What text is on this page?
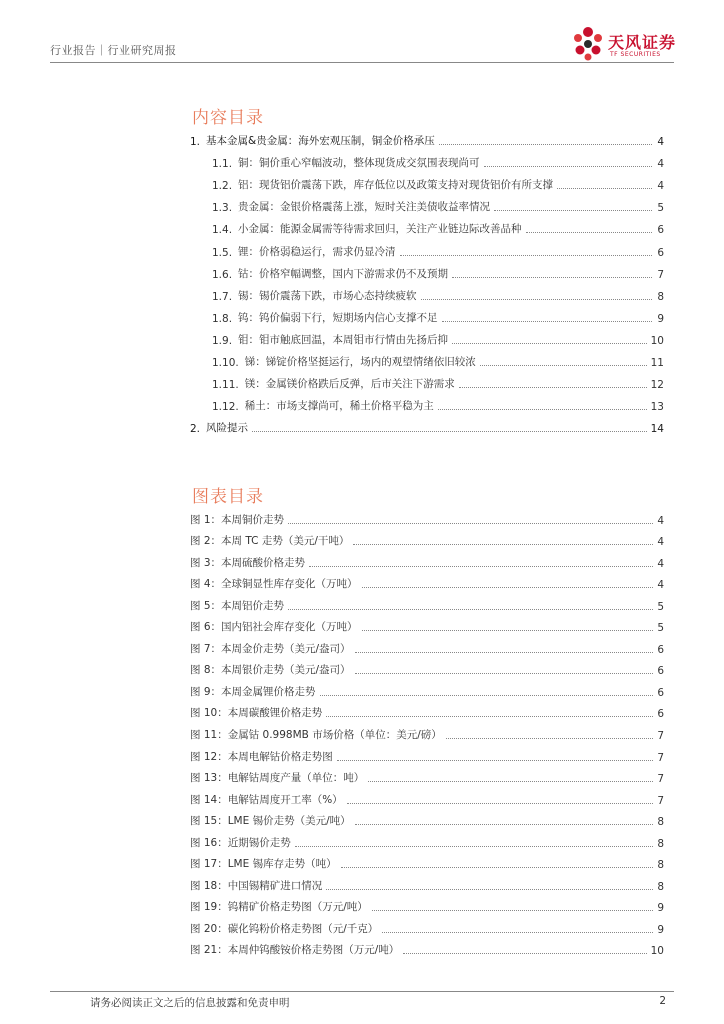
行业报告｜行业研究周报	天风证券
TF SECURITIES
内容目录
1. 基本金属&贵金属：海外宏观压制，铜金价格承压	4
1.1. 铜：铜价重心窄幅波动，整体现货成交氛围表现尚可	4
1.2. 铝：现货铝价震荡下跌，库存低位以及政策支持对现货铝价有所支撑	4
1.3. 贵金属：金银价格震荡上涨，短时关注美债收益率情况	5
1.4. 小金属：能源金属需等待需求回归，关注产业链边际改善品种	6
1.5. 锂：价格弱稳运行，需求仍显冷清	6
1.6. 钴：价格窄幅调整，国内下游需求仍不及预期	7
1.7. 锡：锡价震荡下跌，市场心态持续疲软	8
1.8. 钨：钨价偏弱下行，短期场内信心支撑不足	9
1.9. 钼：钼市触底回温，本周钼市行情由先扬后抑	10
1.10. 锑：锑锭价格坚挺运行，场内的观望情绪依旧较浓	11
1.11. 镁：金属镁价格跌后反弹，后市关注下游需求	12
1.12. 稀土：市场支撑尚可，稀土价格平稳为主	13
2. 风险提示	14
图表目录
图 1：本周铜价走势	4
图 2：本周 TC 走势（美元/干吨）	4
图 3：本周硫酸价格走势	4
图 4：全球铜显性库存变化（万吨）	4
图 5：本周铝价走势	5
图 6：国内铝社会库存变化（万吨）	5
图 7：本周金价走势（美元/盎司）	6
图 8：本周银价走势（美元/盎司）	6
图 9：本周金属锂价格走势	6
图 10：本周碳酸锂价格走势	6
图 11：金属钴 0.998MB 市场价格（单位：美元/磅）	7
图 12：本周电解钴价格走势图	7
图 13：电解钴周度产量（单位：吨）	7
图 14：电解钴周度开工率（%）	7
图 15：LME 锡价走势（美元/吨）	8
图 16：近期锡价走势	8
图 17：LME 锡库存走势（吨）	8
图 18：中国锡精矿进口情况	8
图 19：钨精矿价格走势图（万元/吨）	9
图 20：碳化钨粉价格走势图（元/千克）	9
图 21：本周仲钨酸铵价格走势图（万元/吨）	10
请务必阅读正文之后的信息披露和免责申明	2
